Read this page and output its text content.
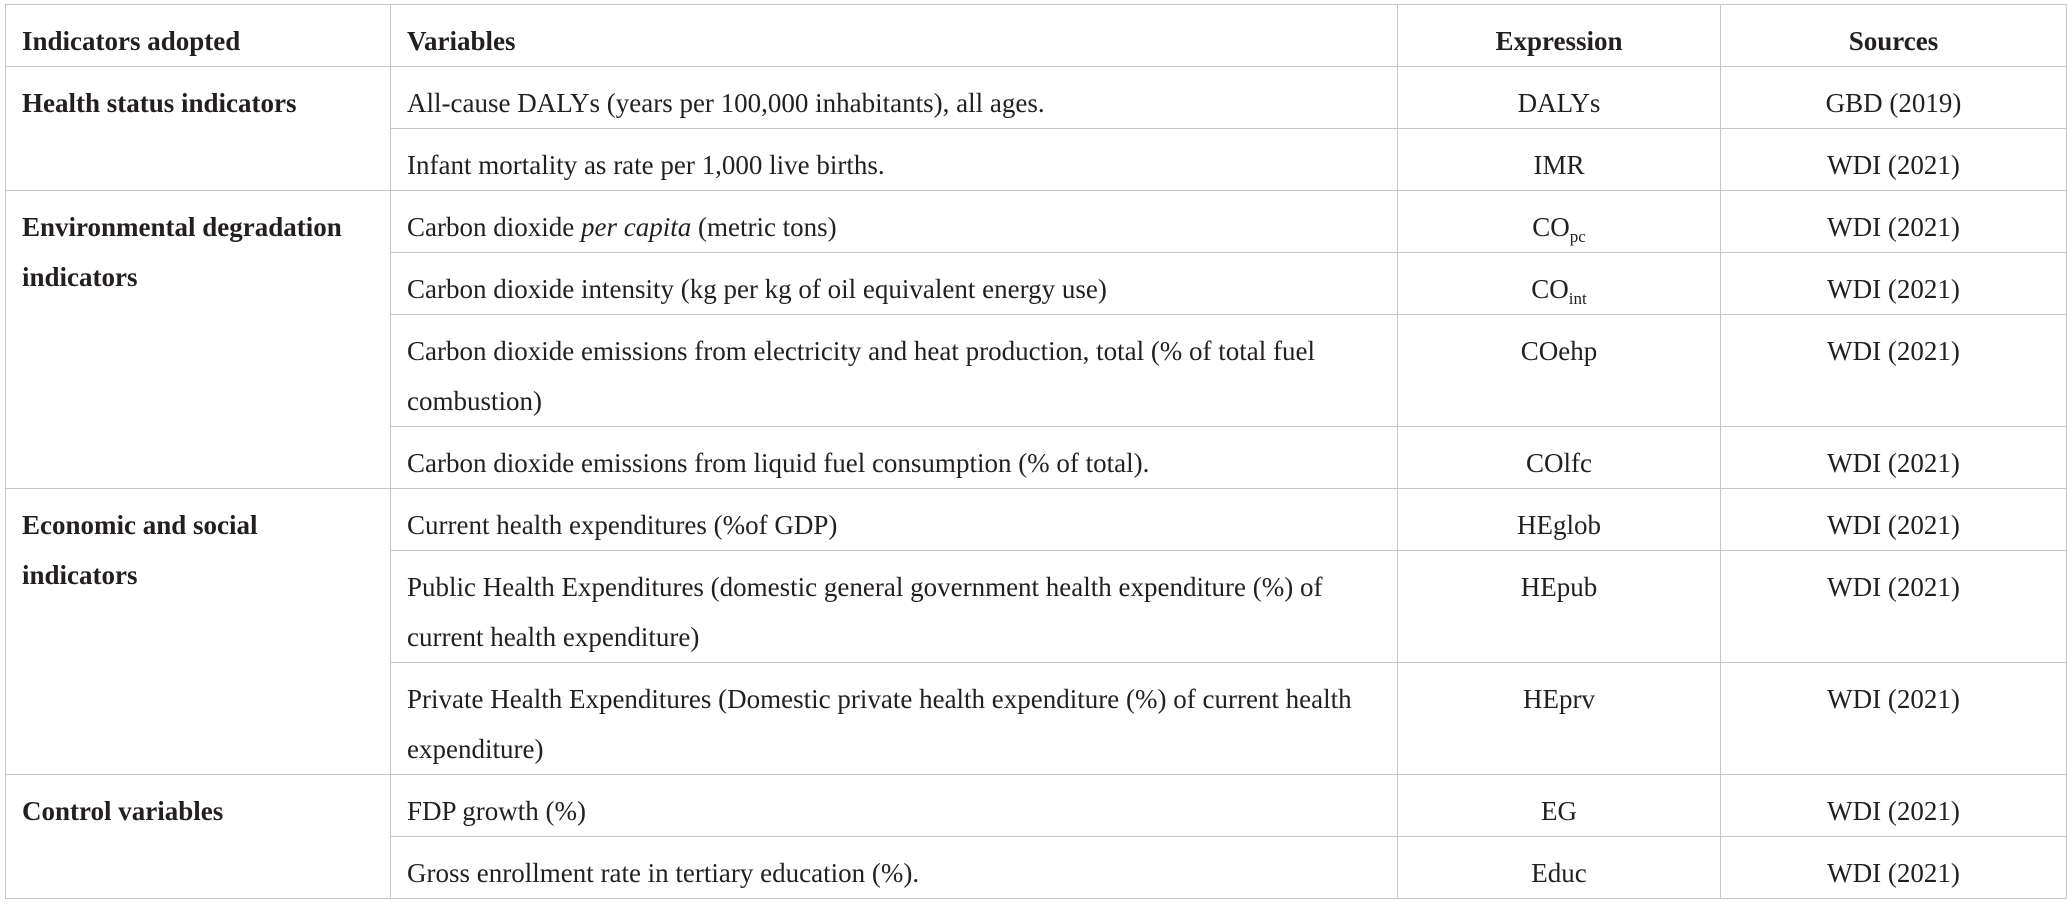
Indicators adopted	Variables	Expression	Sources
Health status indicators	All-cause DALYs (years per 100,000 inhabitants), all ages.	DALYs	GBD (2019)
	Infant mortality as rate per 1,000 live births.	IMR	WDI (2021)
Environmental degradation indicators	Carbon dioxide per capita (metric tons)	$CO_{pc}$	WDI (2021)
	Carbon dioxide intensity (kg per kg of oil equivalent energy use)	$CO_{int}$	WDI (2021)
	Carbon dioxide emissions from electricity and heat production, total (% of total fuel combustion)	COehp	WDI (2021)
	Carbon dioxide emissions from liquid fuel consumption (% of total).	COlfc	WDI (2021)
Economic and social indicators	Current health expenditures (%of GDP)	HEglob	WDI (2021)
	Public Health Expenditures (domestic general government health expenditure (%) of current health expenditure)	HEpub	WDI (2021)
	Private Health Expenditures (Domestic private health expenditure (%) of current health expenditure)	HEprv	WDI (2021)
Control variables	FDP growth (%)	EG	WDI (2021)
	Gross enrollment rate in tertiary education (%).	Educ	WDI (2021)
